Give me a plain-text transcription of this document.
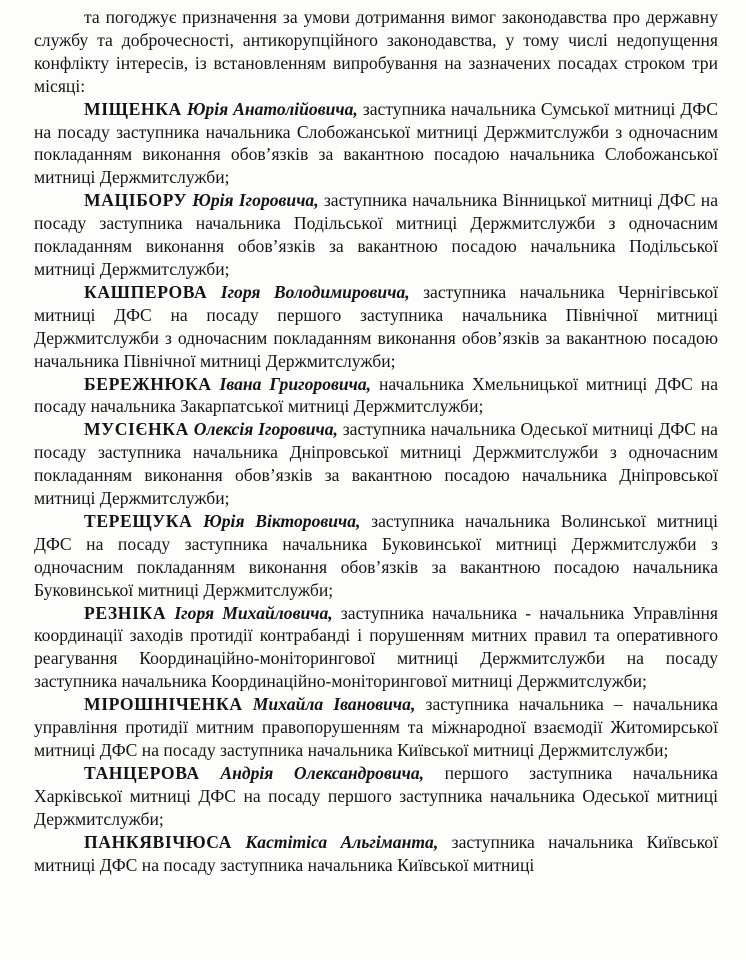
та погоджує призначення за умови дотримання вимог законодавства про державну службу та доброчесності, антикорупційного законодавства, у тому числі недопущення конфлікту інтересів, із встановленням випробування на зазначених посадах строком три місяці:

МІЩЕНКА Юрія Анатолійовича, заступника начальника Сумської митниці ДФС на посаду заступника начальника Слобожанської митниці Держмитслужби з одночасним покладанням виконання обов’язків за вакантною посадою начальника Слобожанської митниці Держмитслужби;

МАЦІБОРУ Юрія Ігоровича, заступника начальника Вінницької митниці ДФС на посаду заступника начальника Подільської митниці Держмитслужби з одночасним покладанням виконання обов’язків за вакантною посадою начальника Подільської митниці Держмитслужби;

КАШПЕРОВА Ігоря Володимировича, заступника начальника Чернігівської митниці ДФС на посаду першого заступника начальника Північної митниці Держмитслужби з одночасним покладанням виконання обов’язків за вакантною посадою начальника Північної митниці Держмитслужби;

БЕРЕЖНЮКА Івана Григоровича, начальника Хмельницької митниці ДФС на посаду начальника Закарпатської митниці Держмитслужби;

МУСІЄНКА Олексія Ігоровича, заступника начальника Одеської митниці ДФС на посаду заступника начальника Дніпровської митниці Держмитслужби з одночасним покладанням виконання обов’язків за вакантною посадою начальника Дніпровської митниці Держмитслужби;

ТЕРЕЩУКА Юрія Вікторовича, заступника начальника Волинської митниці ДФС на посаду заступника начальника Буковинської митниці Держмитслужби з одночасним покладанням виконання обов’язків за вакантною посадою начальника Буковинської митниці Держмитслужби;

РЕЗНІКА Ігоря Михайловича, заступника начальника - начальника Управління координації заходів протидії контрабанді і порушенням митних правил та оперативного реагування Координаційно-моніторингової митниці Держмитслужби на посаду заступника начальника Координаційно-моніторингової митниці Держмитслужби;

МІРОШНІЧЕНКА Михайла Івановича, заступника начальника – начальника управління протидії митним правопорушенням та міжнародної взаємодії Житомирської митниці ДФС на посаду заступника начальника Київської митниці Держмитслужби;

ТАНЦЕРОВА Андрія Олександровича, першого заступника начальника Харківської митниці ДФС на посаду першого заступника начальника Одеської митниці Держмитслужби;

ПАНКЯВІЧЮСА Кастітіса Альгіманта, заступника начальника Київської митниці ДФС на посаду заступника начальника Київської митниці
